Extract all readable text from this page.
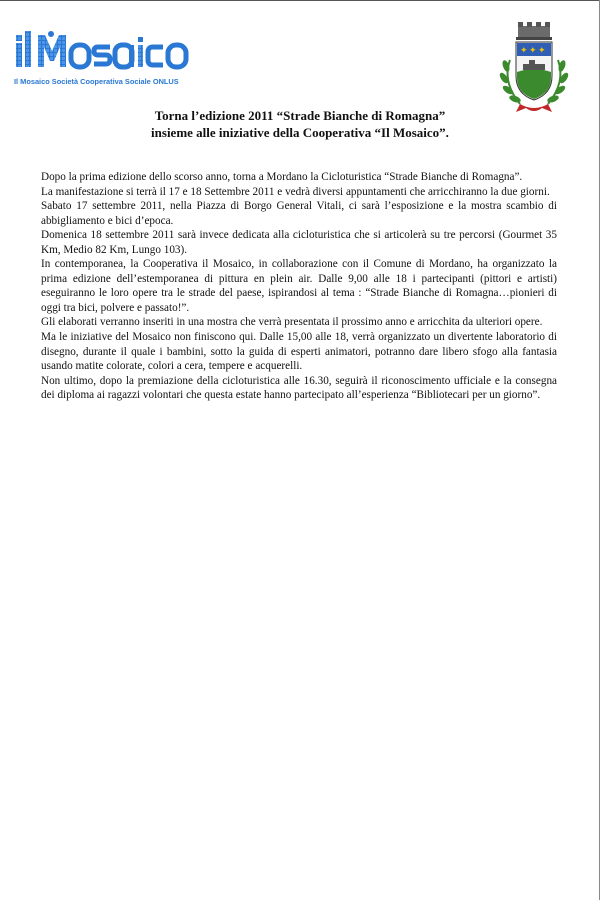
Il Mosaico Società Cooperativa Sociale ONLUS
✦ ✦ ✦
Torna l’edizione 2011 “Strade Bianche di Romagna”
insieme alle iniziative della Cooperativa “Il Mosaico”.

Dopo la prima edizione dello scorso anno, torna a Mordano la Cicloturistica “Strade Bianche di Romagna”.

La manifestazione si terrà il 17 e 18 Settembre 2011 e vedrà diversi appuntamenti che arricchiranno la due giorni.

Sabato 17 settembre 2011, nella Piazza di Borgo General Vitali, ci sarà l’esposizione e la mostra scambio di abbigliamento e bici d’epoca.

Domenica 18 settembre 2011 sarà invece dedicata alla cicloturistica che si articolerà su tre percorsi (Gourmet 35 Km, Medio 82 Km, Lungo 103).

In contemporanea, la Cooperativa il Mosaico, in collaborazione con il Comune di Mordano, ha organizzato la prima edizione dell’estemporanea di pittura en plein air. Dalle 9,00 alle 18 i partecipanti (pittori e artisti) eseguiranno le loro opere tra le strade del paese, ispirandosi al tema : “Strade Bianche di Romagna…pionieri di oggi tra bici, polvere e passato!”.

Gli elaborati verranno inseriti in una mostra che verrà presentata il prossimo anno e arricchita da ulteriori opere.

Ma le iniziative del Mosaico non finiscono qui. Dalle 15,00 alle 18, verrà organizzato un divertente laboratorio di disegno, durante il quale i bambini, sotto la guida di esperti animatori, potranno dare libero sfogo alla fantasia usando matite colorate, colori a cera, tempere e acquerelli.

Non ultimo, dopo la premiazione della cicloturistica alle 16.30, seguirà il riconoscimento ufficiale e la consegna dei diploma ai ragazzi volontari che questa estate hanno partecipato all’esperienza “Bibliotecari per un giorno”.
